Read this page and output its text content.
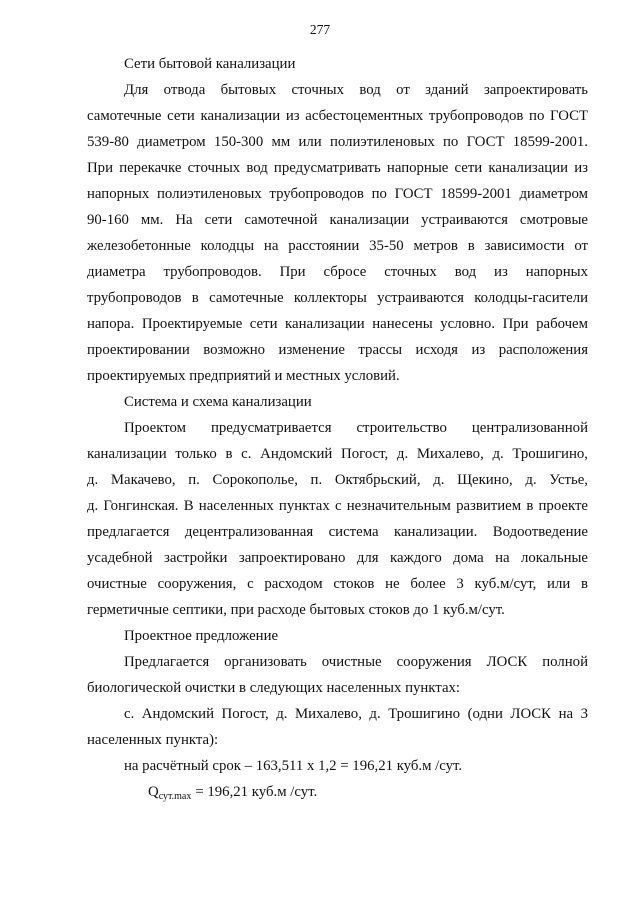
277
Сети бытовой канализации
Для отвода бытовых сточных вод от зданий запроектировать
самотечные сети канализации из асбестоцементных трубопроводов по ГОСТ
539-80 диаметром 150-300 мм или полиэтиленовых по ГОСТ 18599-2001.
При перекачке сточных вод предусматривать напорные сети канализации из
напорных полиэтиленовых трубопроводов по ГОСТ 18599-2001 диаметром
90-160 мм. На сети самотечной канализации устраиваются смотровые
железобетонные колодцы на расстоянии 35-50 метров в зависимости от
диаметра трубопроводов. При сбросе сточных вод из напорных
трубопроводов в самотечные коллекторы устраиваются колодцы-гасители
напора. Проектируемые сети канализации нанесены условно. При рабочем
проектировании возможно изменение трассы исходя из расположения
проектируемых предприятий и местных условий.
Система и схема канализации
Проектом предусматривается строительство централизованной
канализации только в с. Андомский Погост, д. Михалево, д. Трошигино,
д. Макачево, п. Сорокополье, п. Октябрьский, д. Щекино, д. Устье,
д. Гонгинская. В населенных пунктах с незначительным развитием в проекте
предлагается децентрализованная система канализации. Водоотведение
усадебной застройки запроектировано для каждого дома на локальные
очистные сооружения, с расходом стоков не более 3 куб.м/сут, или в
герметичные септики, при расходе бытовых стоков до 1 куб.м/сут.
Проектное предложение
Предлагается организовать очистные сооружения ЛОСК полной
биологической очистки в следующих населенных пунктах:
с. Андомский Погост, д. Михалево, д. Трошигино (одни ЛОСК на 3
населенных пункта):
на расчётный срок – 163,511 х 1,2 = 196,21 куб.м /сут.
$Q_{сут.max} = 196,21$ куб.м /сут.
